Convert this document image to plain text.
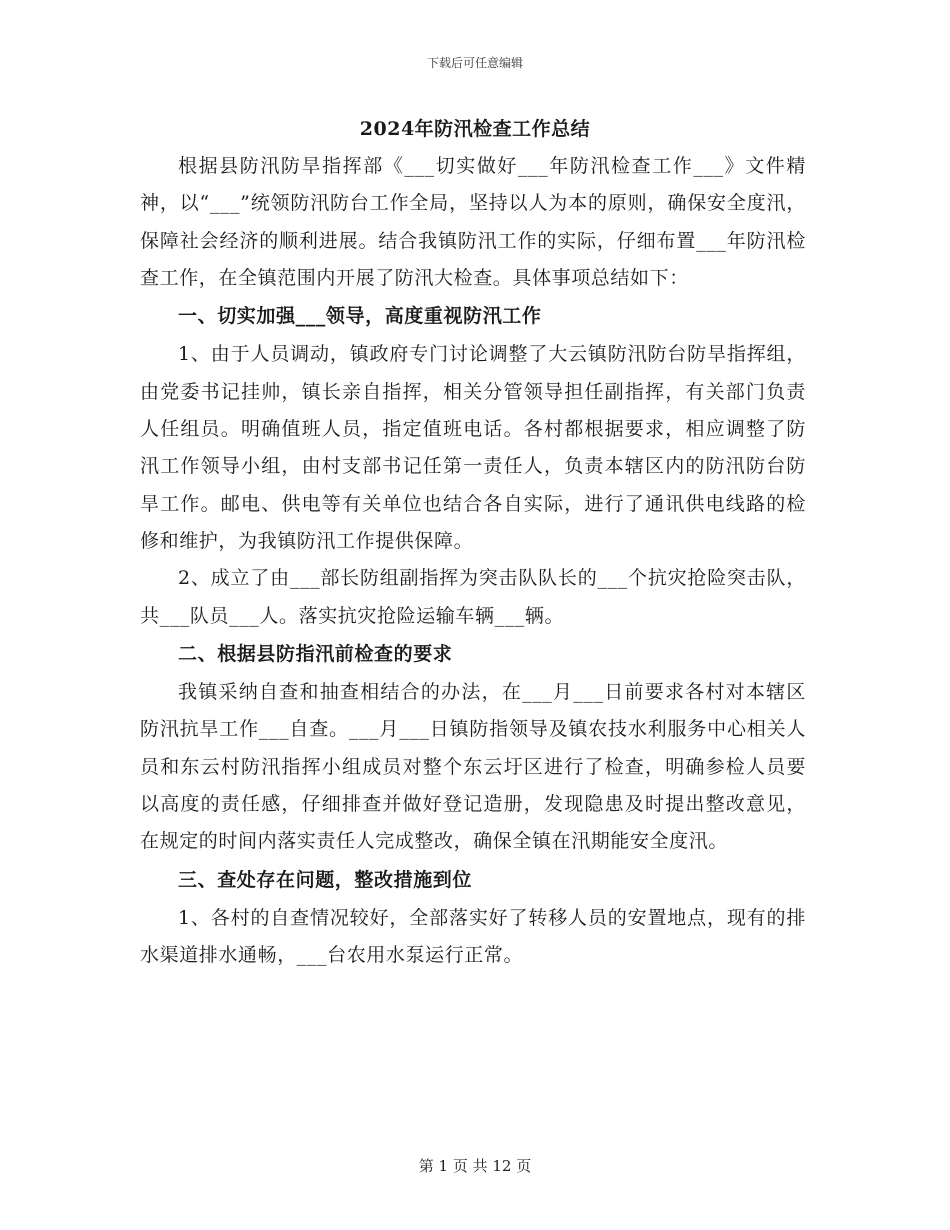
下载后可任意编辑
2024年防汛检查工作总结

根据县防汛防旱指挥部《___切实做好___年防汛检查工作___》文件精神，以“___”统领防汛防台工作全局，坚持以人为本的原则，确保安全度汛，保障社会经济的顺利进展。结合我镇防汛工作的实际，仔细布置___年防汛检查工作，在全镇范围内开展了防汛大检查。具体事项总结如下：

一、切实加强___领导，高度重视防汛工作

1、由于人员调动，镇政府专门讨论调整了大云镇防汛防台防旱指挥组，由党委书记挂帅，镇长亲自指挥，相关分管领导担任副指挥，有关部门负责人任组员。明确值班人员，指定值班电话。各村都根据要求，相应调整了防汛工作领导小组，由村支部书记任第一责任人，负责本辖区内的防汛防台防旱工作。邮电、供电等有关单位也结合各自实际，进行了通讯供电线路的检修和维护，为我镇防汛工作提供保障。

2、成立了由___部长防组副指挥为突击队队长的___个抗灾抢险突击队，共___队员___人。落实抗灾抢险运输车辆___辆。

二、根据县防指汛前检查的要求

我镇采纳自查和抽查相结合的办法，在___月___日前要求各村对本辖区防汛抗旱工作___自查。___月___日镇防指领导及镇农技水利服务中心相关人员和东云村防汛指挥小组成员对整个东云圩区进行了检查，明确参检人员要以高度的责任感，仔细排查并做好登记造册，发现隐患及时提出整改意见，在规定的时间内落实责任人完成整改，确保全镇在汛期能安全度汛。

三、查处存在问题，整改措施到位

1、各村的自查情况较好，全部落实好了转移人员的安置地点，现有的排水渠道排水通畅，___台农用水泵运行正常。

第 1 页 共 12 页
